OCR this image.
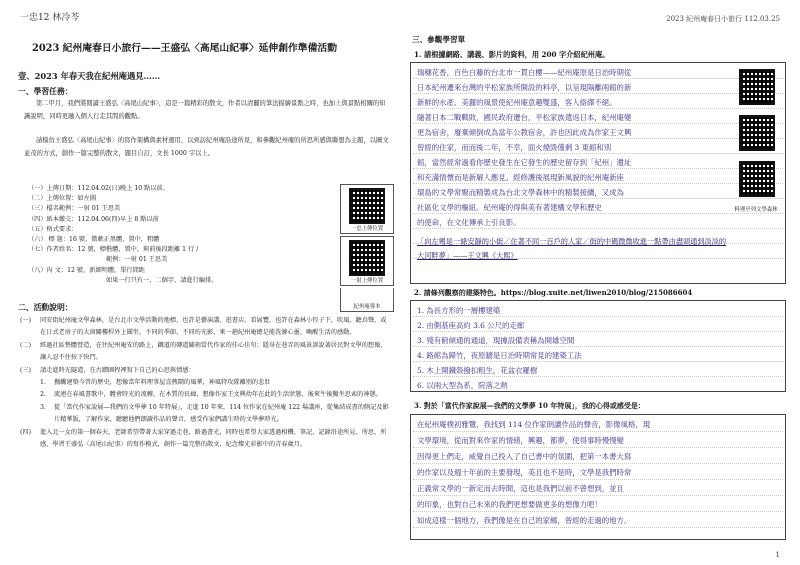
一忠12 林冷芩
2023 紀州庵春日小旅行——王盛弘〈高尾山紀事〉延伸創作準備活動
壹、2023 年春天我在紀州庵遇見……
一、學習任務：
第二甲月，我們將閱讀王盛弘〈高尾山紀事〉，這是一篇精彩的散文，作者以清麗的筆法描繪景點之時，也加上與景點相關的知識說明，同時更融入個人行走其間的觀點。
請模仿王盛弘〈高尾山紀事〉的寫作架構與素材運用，以到訪紀州庵沿途所見，和參觀紀州庵的所思所感與聯想為主題，以圖文並茂的方式，創作一篇完整的散文，題目自訂，文長 1000 字以上。
（一）上傳日期：112.04.02(日)晚上 10 點以前。
（二）上傳位置：如左圖
（三）檔名範例：一射 01 王思美
（四）紙本繳交：112.04.06(四)早上 8 點以前
（五）格式要求：
（六） 標 題：16 號，微軟正黑體，置中，粗體
（七）作者姓名：12 號，標楷體，置中，與前後段距離 1 行 /
範例：一射 01 王思美
（八）內 文：12 號，新細明體，單行間距
如果一行只有一、二個字，請進行編排。
一忠上傳位置
一射上傳位置
紀州庵導本
二、活動說明：
(一) 同安街紀州庵文學森林，是台北市文學活動的地標，也許是藝演講、逛書店、看展覽，也許在森林小徑子下，吹風、聽鳥聲，或在日式老房子的大窗關樓桿外上聞坐，不同的季節，不同的光影，來一趟紀州庵總是能洗滌心靈，喚醒生活的感動。
(二) 經過社區整體營造，在往紀州庵安的路上，鐵道的磚道鋪刻當代作家的佳心佳句；隱身在巷弄的風景訴說著居民對文學的想像，讓人忍不住按下快門。
(三) 請走進時光隧道，在古蹟園程裡寫下自己的心思與情感：
1. 撫觸建築今昔的歷史，想像當年料理事屋喜熱鬧的風華，神風特攻隊離別的悲壯
2. 流連在春風書歌中，體會時光的流轉，在木質的長廊，想像作家王文興幼年在此的生活狀態，後來牛後獨坐思索的神態。
3. 從「當代作家說展—我們的文學夢 10 年特展」，走進 10 年來，114 位作家在紀州庵 122 場講座，從集結成書的側記及影片精華版，了解作家，聽聽他們朗讀作品的聲音，感受作家們講生時的文學夢時光。
(四) 進入北一女的第一個春天，老師希望帶著大家穿過走巷，路過書光，同時也希望大家透過相機、筆記，記錄沿途所見、所思、所感，學習王盛弘〈高尾山紀事〉的寫作模式，創作一篇完整的散文，紀念燦光彩影中的青春歲月。
2023 紀州庵春日小旅行 112.03.25
三、參觀學習單
1. 請根據網路、講義、影片的資料，用 200 字介紹紀州庵。
瑞穗花香，百色白藤的台北市一貫白樓——紀州庵原是日治時期從
日本紀州遷來台灣的平松家族所開設的料亭，以呈現隔離兩館的新
新鮮的水產、美麗的風景使紀州庵意趣雙盛，客人絡繹不絕。
隨著日本二戰戰敗，國民政府遷台，平松家族遣返日本，紀州庵變
更為宿舍，廢棄傾倒成為當年公教宿舍，許也因此成為作家王文興
曾經的住家，而而後二年，不幸，面火燒毀僅剩 3 東館和別
館，當然經常過看你歷史發生在它發生的歷史留存到「紀州」遺址
和充滿情懷而是新解人應見。經修護後展現新風貌的紀州庵新座
環島的文學常聚而精製成為台北文學森林中的精製接續，又成為
社區化文學的樞紐。紀州庵的得與美有著建構文學和歷史
的使命，在文化傳承上引良影。
「向左彎是一條安靜的小街／住著不同一百戶的人家／街的中碼微微收進一點帶由盡頭通到淡淡的大河畔夢」——王文興《大熙》
料理亭列文學森林
2. 請條列觀察的建築特色。https://blog.xuite.net/liwen2010/blog/215086604
1. 為長方形的一層樓建築
2. 由側基座高約 3.6 公尺的走廊
3. 殘有俯傾通的通道，現據設備表稱為開雄空間
4. 路館為歸竹，夜原牆是日治時期常見的建築工法
5. 木上開鐵殼撥扣粗生，花盆衣羅樹
6. 以兩大型為系，院落之熱
3. 對於「當代作家說展—我們的文學夢 10 年特展」，我的心得或感受是：
在紀州庵樸初雅覽，我找到 114 位作家朗讀作品的聲音，影像風格，現
文學環境，從而對來作家的情緒，興趣，都夢，使得事時慢慢變
因得更上們走，威覺自己投入了自己書中的氛圍，把第一本書大寫
的作家以及週十年前的主要發現，美且也不是時，文學是我們時常
正義常文學的一新定而去時間，這也是我們以前不曾想到，並且
的印象，也對自己未來的我們更想要做更多的想像力吧！
如成這樣一個地方，我們像是在自己的家鄉，曾經的走過的地方。
1
